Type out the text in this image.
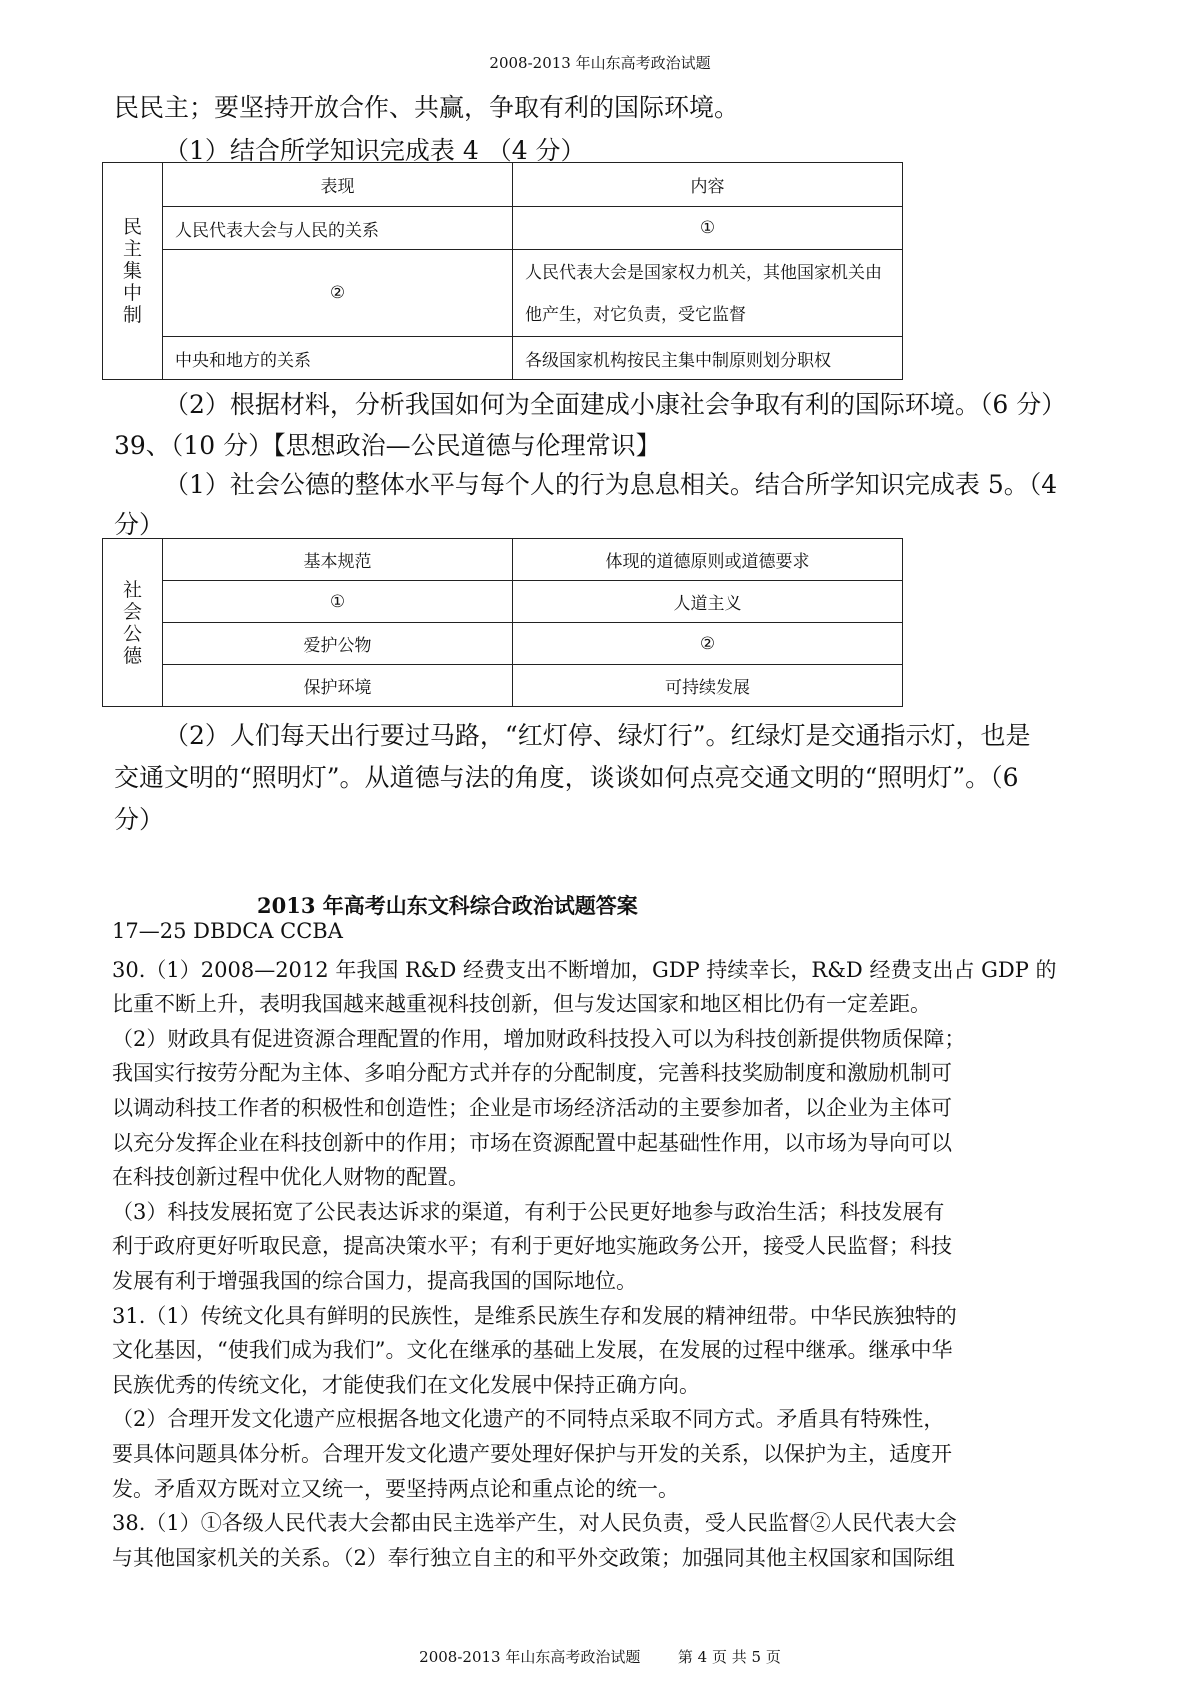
2008-2013 年山东高考政治试题
民民主；要坚持开放合作、共赢，争取有利的国际环境。
（1）结合所学知识完成表 4 （4 分）
民主集中制	表现	内容
	人民代表大会与人民的关系	①
	②	人民代表大会是国家权力机关，其他国家机关由他产生，对它负责，受它监督
	中央和地方的关系	各级国家机构按民主集中制原则划分职权
（2）根据材料，分析我国如何为全面建成小康社会争取有利的国际环境。（6 分）
39、（10 分）【思想政治—公民道德与伦理常识】
（1）社会公德的整体水平与每个人的行为息息相关。结合所学知识完成表 5。（4
分）
社会公德	基本规范	体现的道德原则或道德要求
	①	人道主义
	爱护公物	②
	保护环境	可持续发展
（2）人们每天出行要过马路，“红灯停、绿灯行”。红绿灯是交通指示灯，也是
交通文明的“照明灯”。从道德与法的角度，谈谈如何点亮交通文明的“照明灯”。（6
分）
2013 年高考山东文科综合政治试题答案
17—25 DBDCA CCBA
30.（1）2008—2012 年我国 R&D 经费支出不断增加，GDP 持续幸长，R&D 经费支出占 GDP 的
比重不断上升，表明我国越来越重视科技创新，但与发达国家和地区相比仍有一定差距。
（2）财政具有促进资源合理配置的作用，增加财政科技投入可以为科技创新提供物质保障；
我国实行按劳分配为主体、多咱分配方式并存的分配制度，完善科技奖励制度和激励机制可
以调动科技工作者的积极性和创造性；企业是市场经济活动的主要参加者，以企业为主体可
以充分发挥企业在科技创新中的作用；市场在资源配置中起基础性作用，以市场为导向可以
在科技创新过程中优化人财物的配置。
（3）科技发展拓宽了公民表达诉求的渠道，有利于公民更好地参与政治生活；科技发展有
利于政府更好听取民意，提高决策水平；有利于更好地实施政务公开，接受人民监督；科技
发展有利于增强我国的综合国力，提高我国的国际地位。
31.（1）传统文化具有鲜明的民族性，是维系民族生存和发展的精神纽带。中华民族独特的
文化基因，“使我们成为我们”。文化在继承的基础上发展，在发展的过程中继承。继承中华
民族优秀的传统文化，才能使我们在文化发展中保持正确方向。
（2）合理开发文化遗产应根据各地文化遗产的不同特点采取不同方式。矛盾具有特殊性，
要具体问题具体分析。合理开发文化遗产要处理好保护与开发的关系，以保护为主，适度开
发。矛盾双方既对立又统一，要坚持两点论和重点论的统一。
38.（1）①各级人民代表大会都由民主选举产生，对人民负责，受人民监督②人民代表大会
与其他国家机关的关系。（2）奉行独立自主的和平外交政策；加强同其他主权国家和国际组
2008-2013 年山东高考政治试题	第 4 页 共 5 页
